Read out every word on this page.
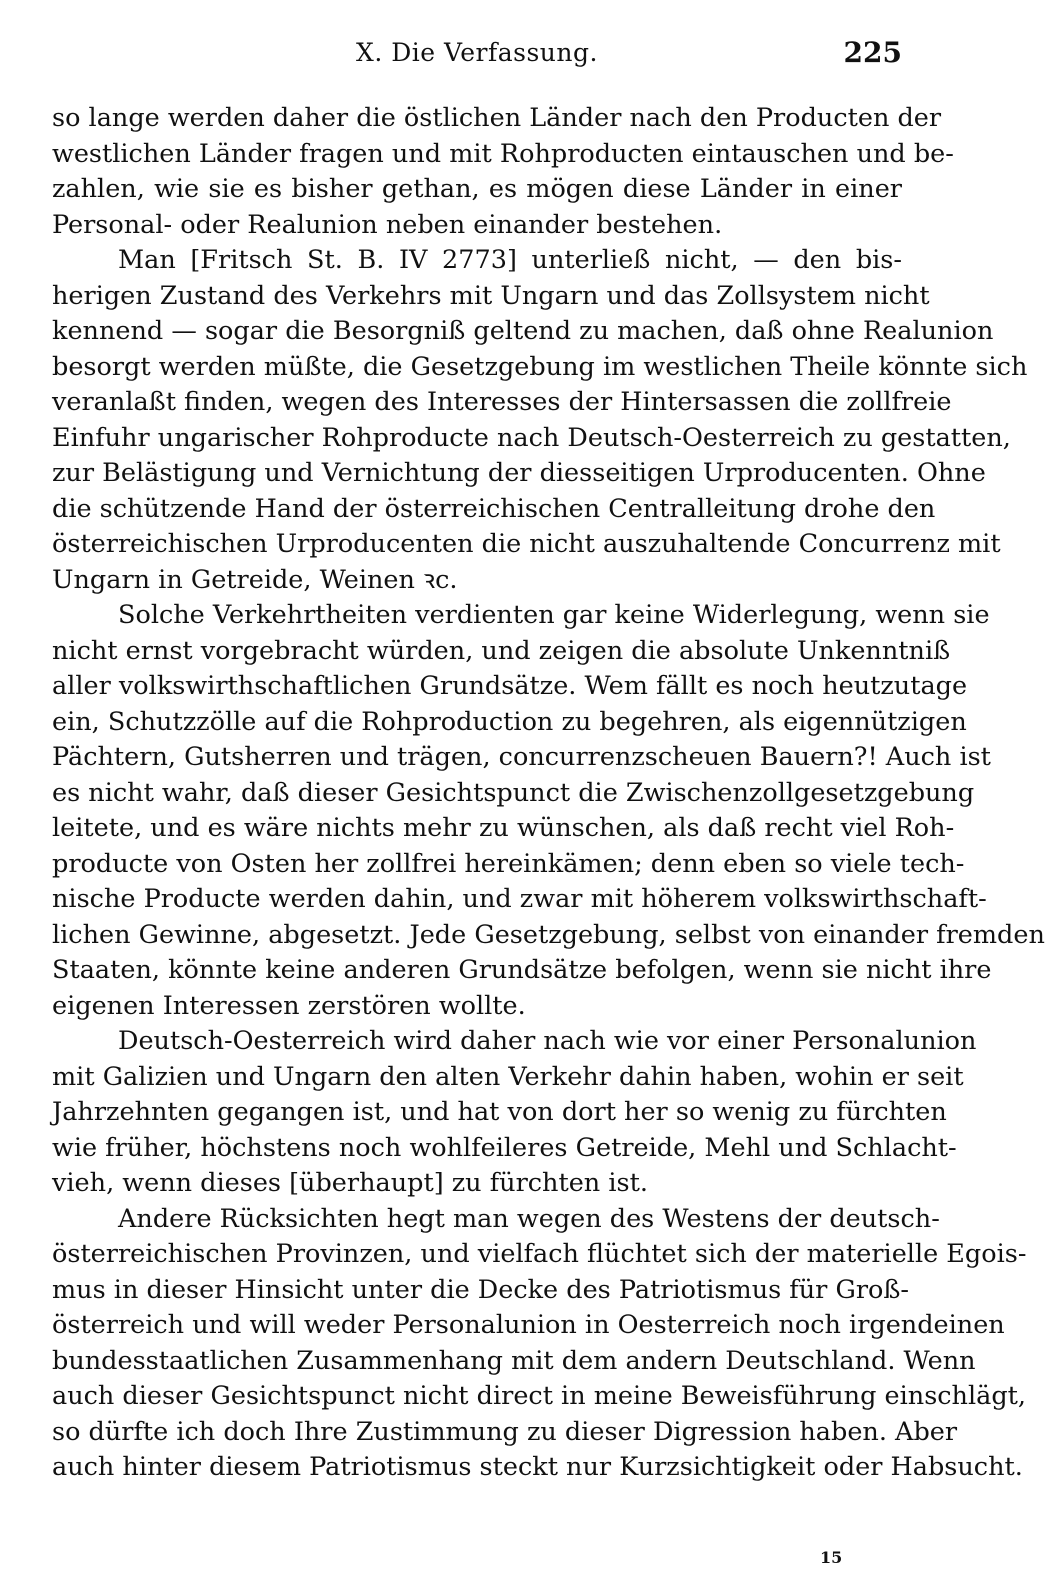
X. Die Verfassung.	225
so lange werden daher die östlichen Länder nach den Producten der
westlichen Länder fragen und mit Rohproducten eintauschen und be-
zahlen, wie sie es bisher gethan, es mögen diese Länder in einer
Personal- oder Realunion neben einander bestehen.
Man [Fritsch St. B. IV 2773] unterließ nicht, — den bis-
herigen Zustand des Verkehrs mit Ungarn und das Zollsystem nicht
kennend — sogar die Besorgniß geltend zu machen, daß ohne Realunion
besorgt werden müßte, die Gesetzgebung im westlichen Theile könnte sich
veranlaßt finden, wegen des Interesses der Hintersassen die zollfreie
Einfuhr ungarischer Rohproducte nach Deutsch-Oesterreich zu gestatten,
zur Belästigung und Vernichtung der diesseitigen Urproducenten. Ohne
die schützende Hand der österreichischen Centralleitung drohe den
österreichischen Urproducenten die nicht auszuhaltende Concurrenz mit
Ungarn in Getreide, Weinen ꝛc.
Solche Verkehrtheiten verdienten gar keine Widerlegung, wenn sie
nicht ernst vorgebracht würden, und zeigen die absolute Unkenntniß
aller volkswirthschaftlichen Grundsätze. Wem fällt es noch heutzutage
ein, Schutzzölle auf die Rohproduction zu begehren, als eigennützigen
Pächtern, Gutsherren und trägen, concurrenzscheuen Bauern?! Auch ist
es nicht wahr, daß dieser Gesichtspunct die Zwischenzollgesetzgebung
leitete, und es wäre nichts mehr zu wünschen, als daß recht viel Roh-
producte von Osten her zollfrei hereinkämen; denn eben so viele tech-
nische Producte werden dahin, und zwar mit höherem volkswirthschaft-
lichen Gewinne, abgesetzt. Jede Gesetzgebung, selbst von einander fremden
Staaten, könnte keine anderen Grundsätze befolgen, wenn sie nicht ihre
eigenen Interessen zerstören wollte.
Deutsch-Oesterreich wird daher nach wie vor einer Personalunion
mit Galizien und Ungarn den alten Verkehr dahin haben, wohin er seit
Jahrzehnten gegangen ist, und hat von dort her so wenig zu fürchten
wie früher, höchstens noch wohlfeileres Getreide, Mehl und Schlacht-
vieh, wenn dieses [überhaupt] zu fürchten ist.
Andere Rücksichten hegt man wegen des Westens der deutsch-
österreichischen Provinzen, und vielfach flüchtet sich der materielle Egois-
mus in dieser Hinsicht unter die Decke des Patriotismus für Groß-
österreich und will weder Personalunion in Oesterreich noch irgendeinen
bundesstaatlichen Zusammenhang mit dem andern Deutschland. Wenn
auch dieser Gesichtspunct nicht direct in meine Beweisführung einschlägt,
so dürfte ich doch Ihre Zustimmung zu dieser Digression haben. Aber
auch hinter diesem Patriotismus steckt nur Kurzsichtigkeit oder Habsucht.
15
